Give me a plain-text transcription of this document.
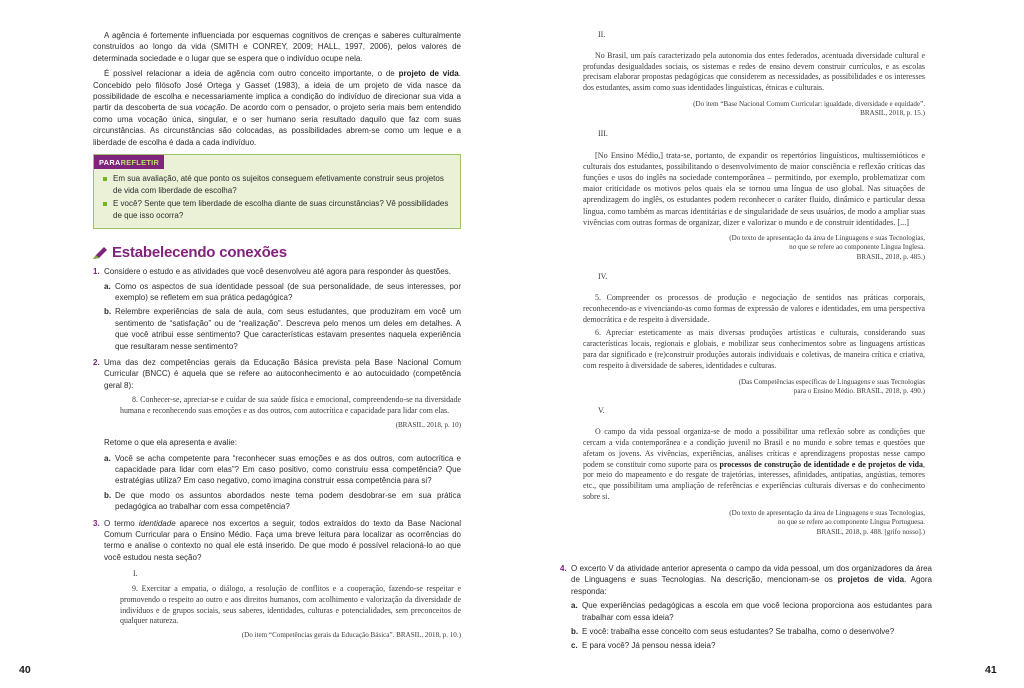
A agência é fortemente influenciada por esquemas cognitivos de crenças e saberes culturalmente construídos ao longo da vida (SMITH e CONREY, 2009; HALL, 1997, 2006), pelos valores de determinada sociedade e o lugar que se espera que o indivíduo ocupe nela.

É possível relacionar a ideia de agência com outro conceito importante, o de projeto de vida. Concebido pelo filósofo José Ortega y Gasset (1983), a ideia de um projeto de vida nasce da possibilidade de escolha e necessariamente implica a condição do indivíduo de direcionar sua vida a partir da descoberta de sua vocação. De acordo com o pensador, o projeto seria mais bem entendido como uma vocação única, singular, e o ser humano seria resultado daquilo que faz com suas circunstâncias. As circunstâncias são colocadas, as possibilidades abrem-se como um leque e a liberdade de escolha é dada a cada indivíduo.

PARAREFLETIR
Em sua avaliação, até que ponto os sujeitos conseguem efetivamente construir seus projetos de vida com liberdade de escolha?
E você? Sente que tem liberdade de escolha diante de suas circunstâncias? Vê possibilidades de que isso ocorra?
Estabelecendo conexões
1. Considere o estudo e as atividades que você desenvolveu até agora para responder às questões.
a. Como os aspectos de sua identidade pessoal (de sua personalidade, de seus interesses, por exemplo) se refletem em sua prática pedagógica?
b. Relembre experiências de sala de aula, com seus estudantes, que produziram em você um sentimento de “satisfação” ou de “realização”. Descreva pelo menos um deles em detalhes. A que você atribui esse sentimento? Que características estavam presentes naquela experiência que resultaram nesse sentimento?
2. Uma das dez competências gerais da Educação Básica prevista pela Base Nacional Comum Curricular (BNCC) é aquela que se refere ao autoconhecimento e ao autocuidado (competência geral 8):
8. Conhecer-se, apreciar-se e cuidar de sua saúde física e emocional, compreendendo-se na diversidade humana e reconhecendo suas emoções e as dos outros, com autocrítica e capacidade para lidar com elas.
(BRASIL, 2018, p. 10)

Retome o que ela apresenta e avalie:

a. Você se acha competente para “reconhecer suas emoções e as dos outros, com autocrítica e capacidade para lidar com elas”? Em caso positivo, como construiu essa competência? Que estratégias utiliza? Em caso negativo, como imagina construir essa competência para si?
b. De que modo os assuntos abordados neste tema podem desdobrar-se em sua prática pedagógica ao trabalhar com essa competência?
3. O termo identidade aparece nos excertos a seguir, todos extraídos do texto da Base Nacional Comum Curricular para o Ensino Médio. Faça uma breve leitura para localizar as ocorrências do termo e analise o contexto no qual ele está inserido. De que modo é possível relacioná-lo ao que você estudou nesta seção?
I.
9. Exercitar a empatia, o diálogo, a resolução de conflitos e a cooperação, fazendo-se respeitar e promovendo o respeito ao outro e aos direitos humanos, com acolhimento e valorização da diversidade de indivíduos e de grupos sociais, seus saberes, identidades, culturas e potencialidades, sem preconceitos de qualquer natureza.
(Do item “Competências gerais da Educação Básica”. BRASIL, 2018, p. 10.)
40
II.

No Brasil, um país caracterizado pela autonomia dos entes federados, acentuada diversidade cultural e profundas desigualdades sociais, os sistemas e redes de ensino devem construir currículos, e as escolas precisam elaborar propostas pedagógicas que considerem as necessidades, as possibilidades e os interesses dos estudantes, assim como suas identidades linguísticas, étnicas e culturais.

(Do item “Base Nacional Comum Curricular: igualdade, diversidade e equidade”.
BRASIL, 2018, p. 15.)
III.

[No Ensino Médio,] trata-se, portanto, de expandir os repertórios linguísticos, multissemióticos e culturais dos estudantes, possibilitando o desenvolvimento de maior consciência e reflexão críticas das funções e usos do inglês na sociedade contemporânea – permitindo, por exemplo, problematizar com maior criticidade os motivos pelos quais ela se tornou uma língua de uso global. Nas situações de aprendizagem do inglês, os estudantes podem reconhecer o caráter fluido, dinâmico e particular dessa língua, como também as marcas identitárias e de singularidade de seus usuários, de modo a ampliar suas vivências com outras formas de organizar, dizer e valorizar o mundo e de construir identidades. [...]

(Do texto de apresentação da área de Linguagens e suas Tecnologias,
no que se refere ao componente Língua Inglesa.
BRASIL, 2018, p. 485.)
IV.

5. Compreender os processos de produção e negociação de sentidos nas práticas corporais, reconhecendo-as e vivenciando-as como formas de expressão de valores e identidades, em uma perspectiva democrática e de respeito à diversidade.

6. Apreciar esteticamente as mais diversas produções artísticas e culturais, considerando suas características locais, regionais e globais, e mobilizar seus conhecimentos sobre as linguagens artísticas para dar significado e (re)construir produções autorais individuais e coletivas, de maneira crítica e criativa, com respeito à diversidade de saberes, identidades e culturas.

(Das Competências específicas de Linguagens e suas Tecnologias
para o Ensino Médio. BRASIL, 2018, p. 490.)
V.

O campo da vida pessoal organiza-se de modo a possibilitar uma reflexão sobre as condições que cercam a vida contemporânea e a condição juvenil no Brasil e no mundo e sobre temas e questões que afetam os jovens. As vivências, experiências, análises críticas e aprendizagens propostas nesse campo podem se constituir como suporte para os processos de construção de identidade e de projetos de vida, por meio do mapeamento e do resgate de trajetórias, interesses, afinidades, antipatias, angústias, temores etc., que possibilitam uma ampliação de referências e experiências culturais diversas e do conhecimento sobre si.

(Do texto de apresentação da área de Linguagens e suas Tecnologias,
no que se refere ao componente Língua Portuguesa.
BRASIL, 2018, p. 488. [grifo nosso].)
4. O excerto V da atividade anterior apresenta o campo da vida pessoal, um dos organizadores da área de Linguagens e suas Tecnologias. Na descrição, mencionam-se os projetos de vida. Agora responda:
a. Que experiências pedagógicas a escola em que você leciona proporciona aos estudantes para trabalhar com essa ideia?
b. E você: trabalha esse conceito com seus estudantes? Se trabalha, como o desenvolve?
c. E para você? Já pensou nessa ideia?
41
